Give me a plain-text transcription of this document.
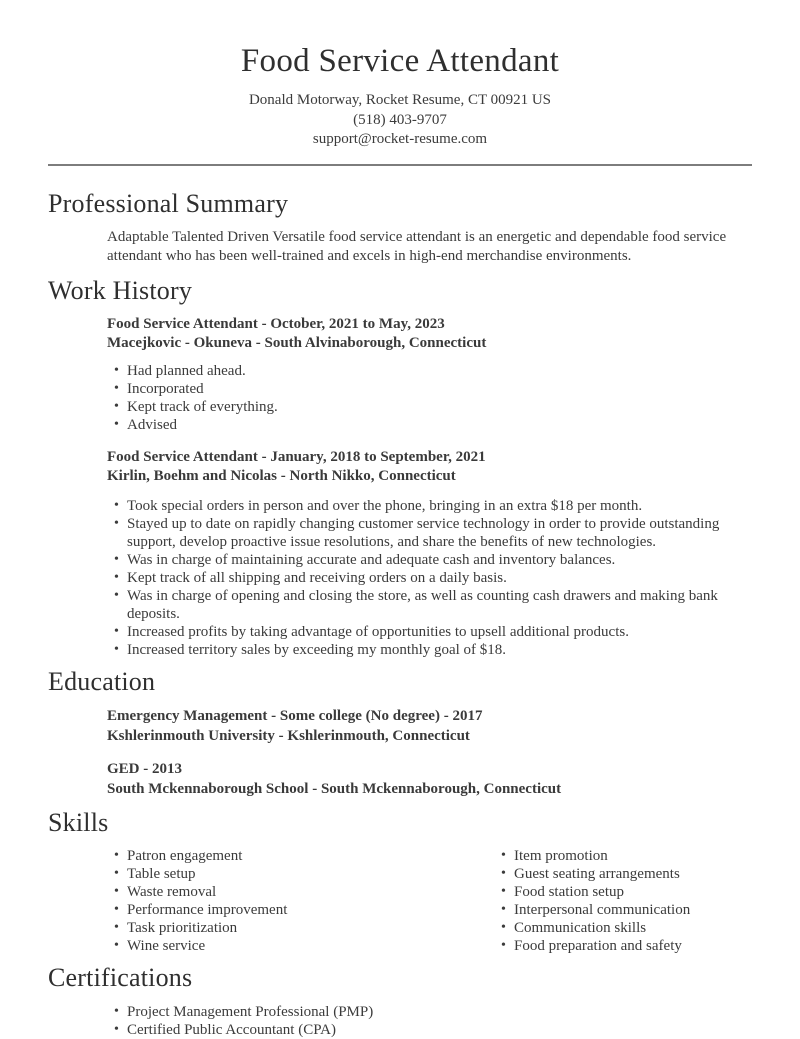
Food Service Attendant
Donald Motorway, Rocket Resume, CT 00921 US
(518) 403-9707
support@rocket-resume.com
Professional Summary

Adaptable Talented Driven Versatile food service attendant is an energetic and dependable food service attendant who has been well-trained and excels in high-end merchandise environments.

Work History
Food Service Attendant - October, 2021 to May, 2023
Macejkovic - Okuneva - South Alvinaborough, Connecticut
• Had planned ahead.
• Incorporated
• Kept track of everything.
• Advised
Food Service Attendant - January, 2018 to September, 2021
Kirlin, Boehm and Nicolas - North Nikko, Connecticut
• Took special orders in person and over the phone, bringing in an extra $18 per month.
• Stayed up to date on rapidly changing customer service technology in order to provide outstanding support, develop proactive issue resolutions, and share the benefits of new technologies.
• Was in charge of maintaining accurate and adequate cash and inventory balances.
• Kept track of all shipping and receiving orders on a daily basis.
• Was in charge of opening and closing the store, as well as counting cash drawers and making bank deposits.
• Increased profits by taking advantage of opportunities to upsell additional products.
• Increased territory sales by exceeding my monthly goal of $18.
Education
Emergency Management - Some college (No degree) - 2017
Kshlerinmouth University - Kshlerinmouth, Connecticut
GED - 2013
South Mckennaborough School - South Mckennaborough, Connecticut
Skills
• Patron engagement
• Table setup
• Waste removal
• Performance improvement
• Task prioritization
• Wine service
• Item promotion
• Guest seating arrangements
• Food station setup
• Interpersonal communication
• Communication skills
• Food preparation and safety
Certifications
• Project Management Professional (PMP)
• Certified Public Accountant (CPA)
